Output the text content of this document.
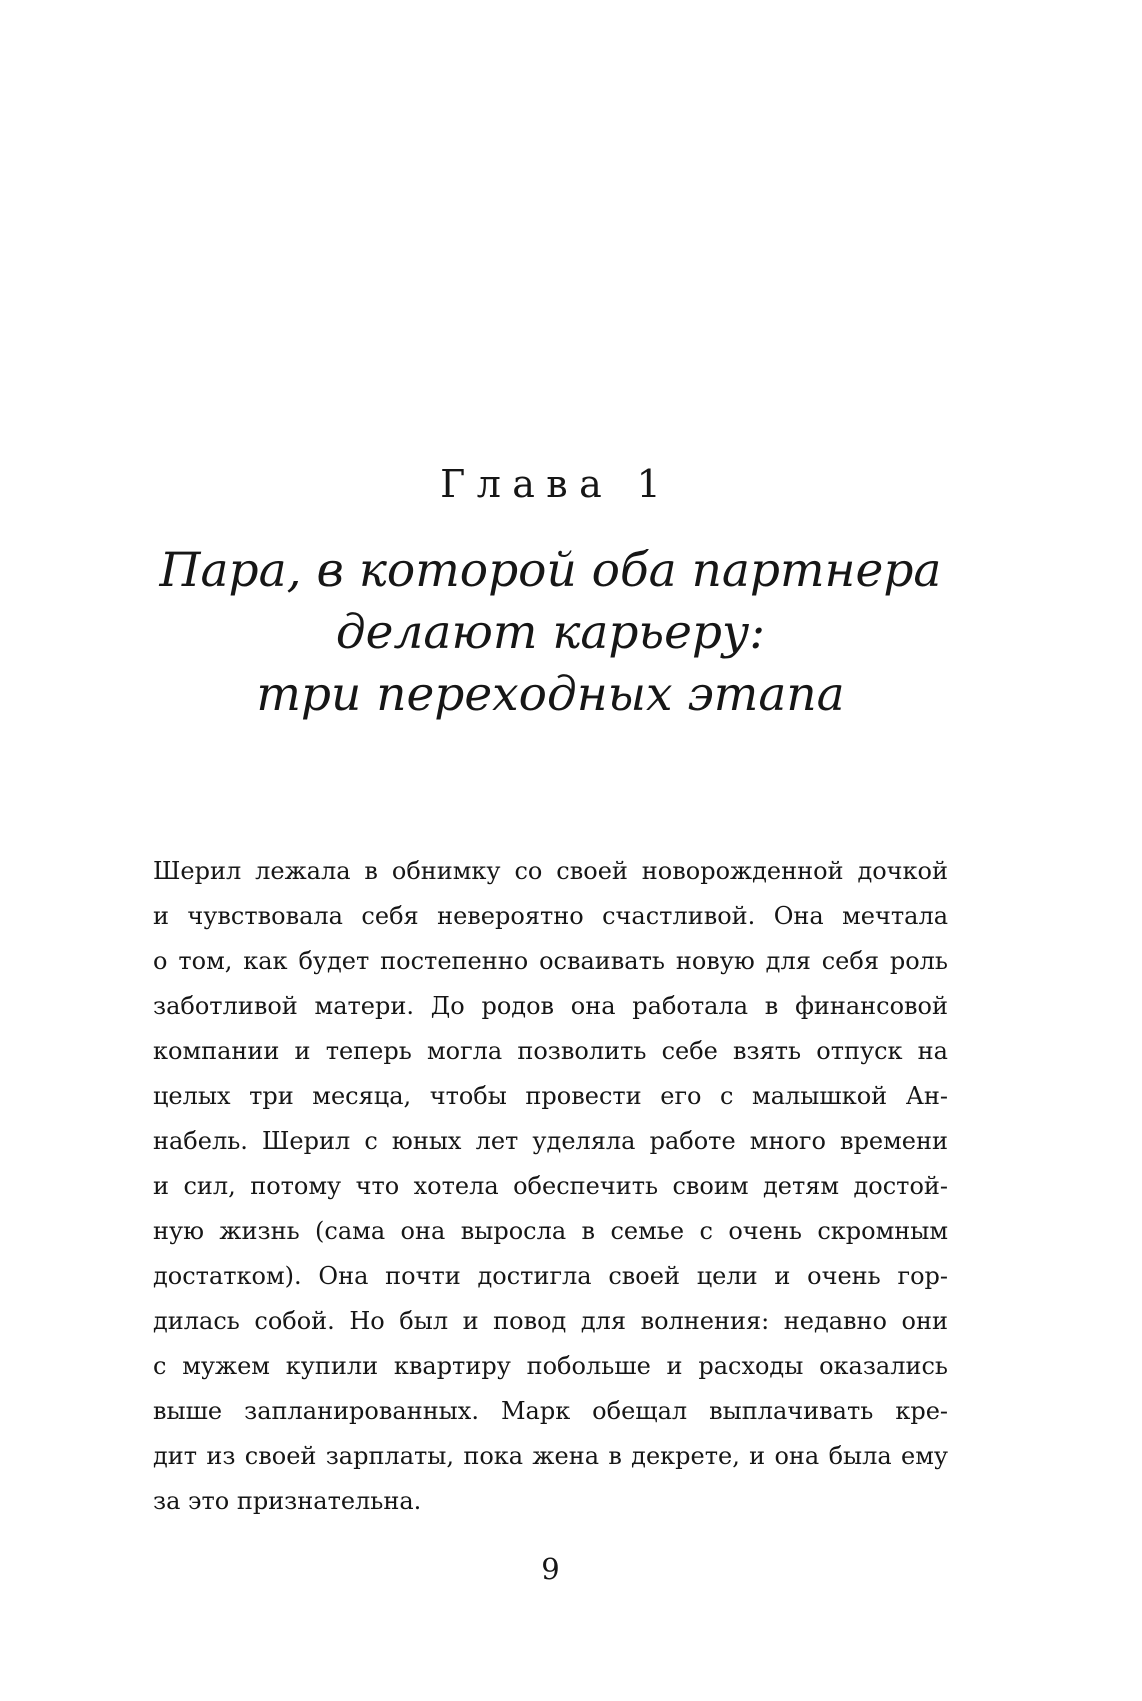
Глава 1
Пара, в которой оба партнера
делают карьеру:
три переходных этапа
Шерил лежала в обнимку со своей новорожденной дочкой
и чувствовала себя невероятно счастливой. Она мечтала
о том, как будет постепенно осваивать новую для себя роль
заботливой матери. До родов она работала в финансовой
компании и теперь могла позволить себе взять отпуск на
целых три месяца, чтобы провести его с малышкой Ан-
набель. Шерил с юных лет уделяла работе много времени
и сил, потому что хотела обеспечить своим детям достой-
ную жизнь (сама она выросла в семье с очень скромным
достатком). Она почти достигла своей цели и очень гор-
дилась собой. Но был и повод для волнения: недавно они
с мужем купили квартиру побольше и расходы оказались
выше запланированных. Марк обещал выплачивать кре-
дит из своей зарплаты, пока жена в декрете, и она была ему
за это признательна.
9
